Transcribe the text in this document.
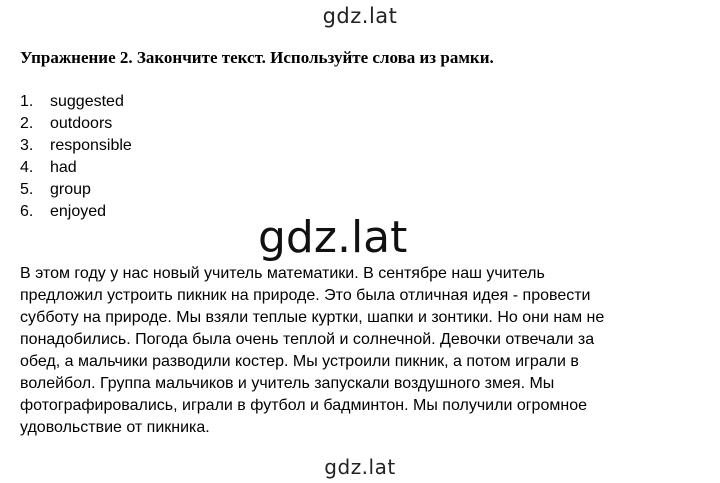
gdz.lat
Упражнение 2. Закончите текст. Используйте слова из рамки.
1. suggested
2. outdoors
3. responsible
4. had
5. group
6. enjoyed
gdz.lat

В этом году у нас новый учитель математики. В сентябре наш учитель
предложил устроить пикник на природе. Это была отличная идея - провести
субботу на природе. Мы взяли теплые куртки, шапки и зонтики. Но они нам не
понадобились. Погода была очень теплой и солнечной. Девочки отвечали за
обед, а мальчики разводили костер. Мы устроили пикник, а потом играли в
волейбол. Группа мальчиков и учитель запускали воздушного змея. Мы
фотографировались, играли в футбол и бадминтон. Мы получили огромное
удовольствие от пикника.

gdz.lat
